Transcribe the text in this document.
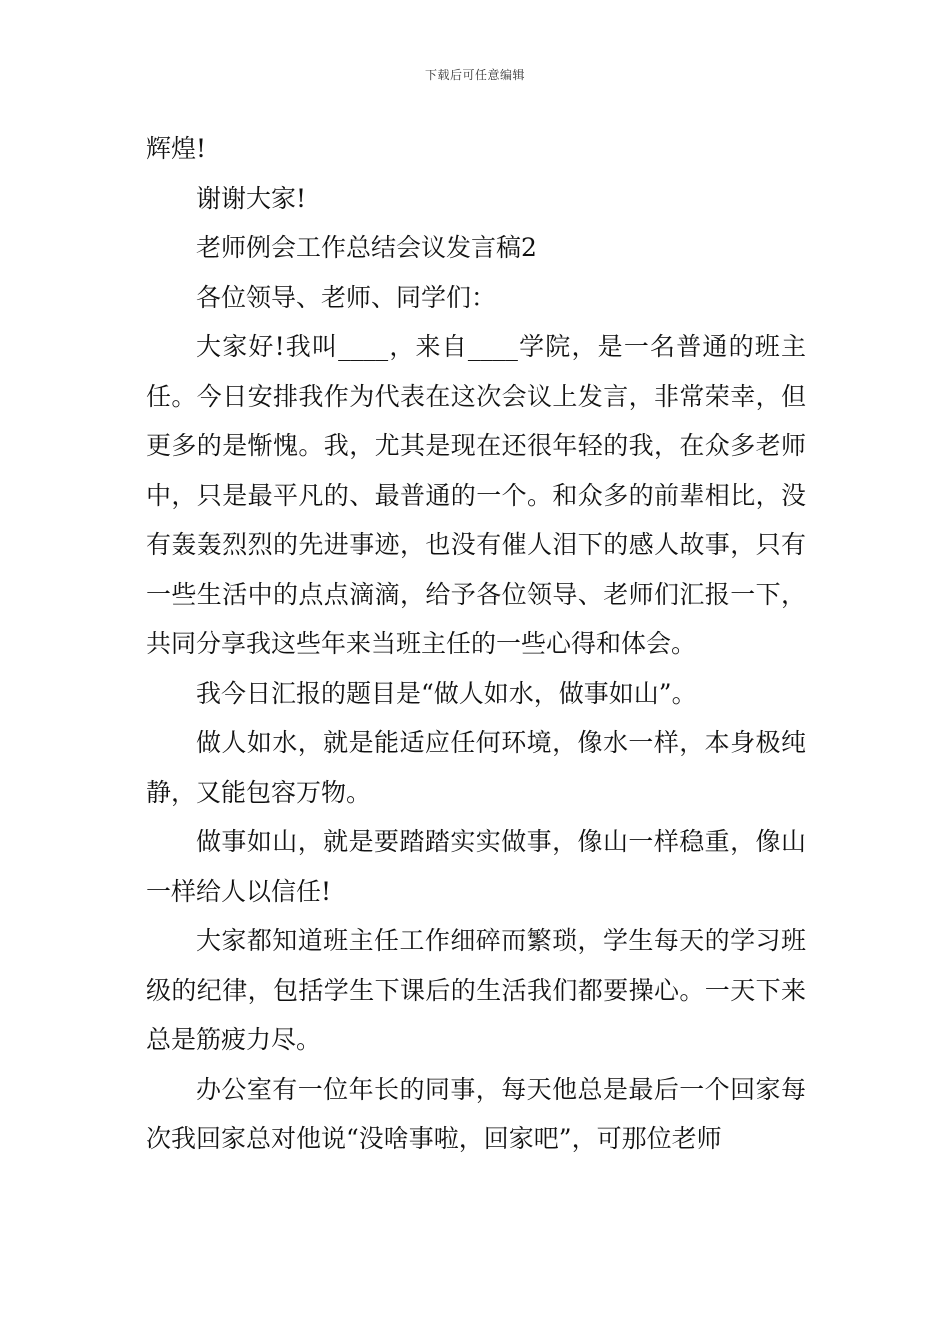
下载后可任意编辑

辉煌!

谢谢大家!

老师例会工作总结会议发言稿2

各位领导、老师、同学们：

大家好!我叫____，来自____学院，是一名普通的班主任。今日安排我作为代表在这次会议上发言，非常荣幸，但更多的是惭愧。我，尤其是现在还很年轻的我，在众多老师中，只是最平凡的、最普通的一个。和众多的前辈相比，没有轰轰烈烈的先进事迹，也没有催人泪下的感人故事，只有一些生活中的点点滴滴，给予各位领导、老师们汇报一下，共同分享我这些年来当班主任的一些心得和体会。

我今日汇报的题目是“做人如水，做事如山”。

做人如水，就是能适应任何环境，像水一样，本身极纯静，又能包容万物。

做事如山，就是要踏踏实实做事，像山一样稳重，像山一样给人以信任!

大家都知道班主任工作细碎而繁琐，学生每天的学习班级的纪律，包括学生下课后的生活我们都要操心。一天下来总是筋疲力尽。

办公室有一位年长的同事，每天他总是最后一个回家每次我回家总对他说“没啥事啦，回家吧”，可那位老师
